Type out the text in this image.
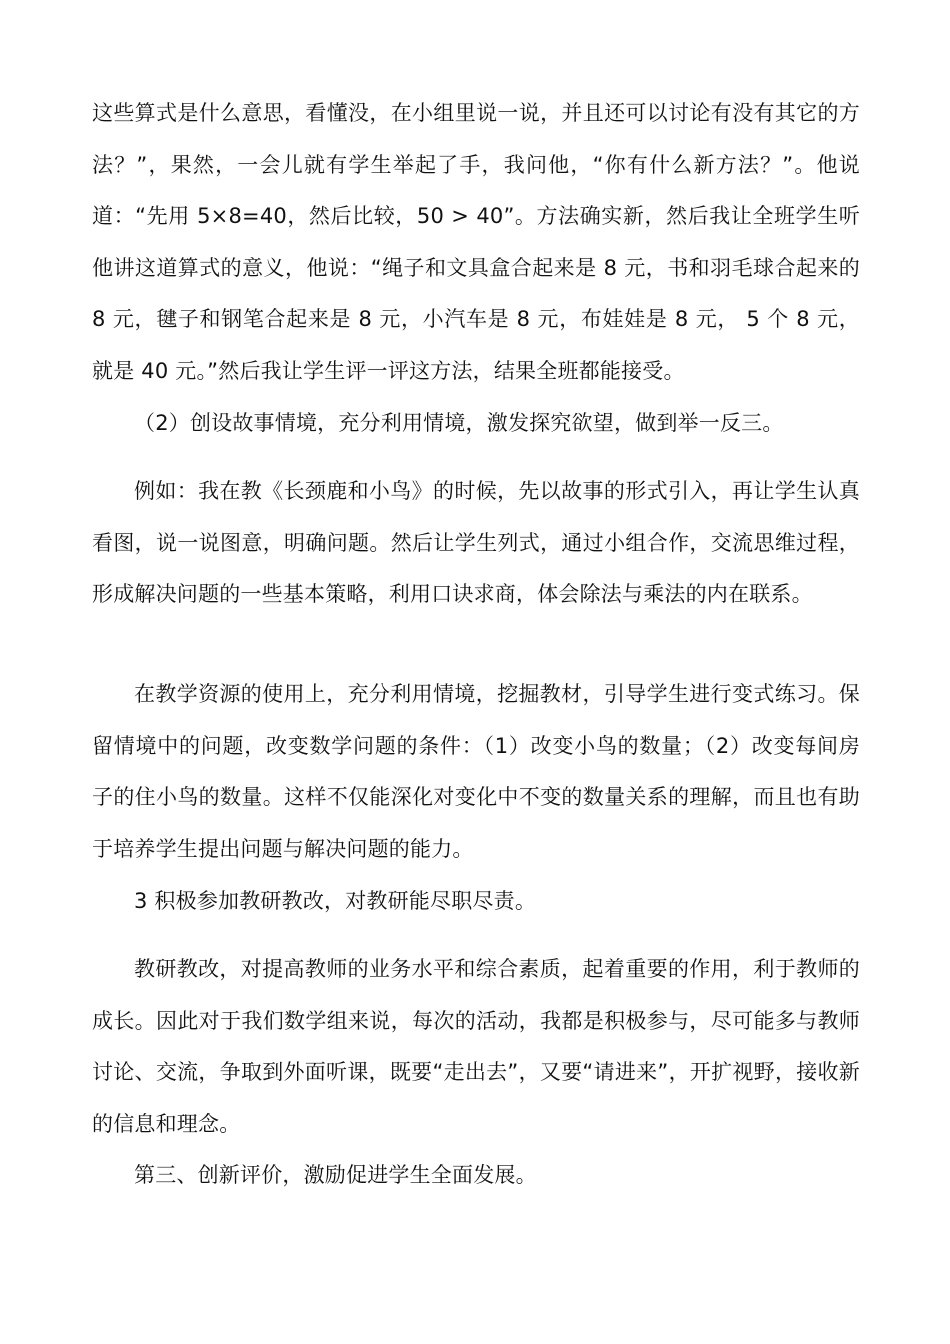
这些算式是什么意思，看懂没，在小组里说一说，并且还可以讨论有没有其它的方法？”，果然，一会儿就有学生举起了手，我问他，“你有什么新方法？”。他说道：“先用 5×8=40，然后比较，50 > 40”。方法确实新，然后我让全班学生听他讲这道算式的意义，他说：“绳子和文具盒合起来是 8 元，书和羽毛球合起来的 8 元，毽子和钢笔合起来是 8 元，小汽车是 8 元，布娃娃是 8 元， 5 个 8 元，就是 40 元。”然后我让学生评一评这方法，结果全班都能接受。

（2）创设故事情境，充分利用情境，激发探究欲望，做到举一反三。

例如：我在教《长颈鹿和小鸟》的时候，先以故事的形式引入，再让学生认真看图，说一说图意，明确问题。然后让学生列式，通过小组合作，交流思维过程，形成解决问题的一些基本策略，利用口诀求商，体会除法与乘法的内在联系。

在教学资源的使用上，充分利用情境，挖掘教材，引导学生进行变式练习。保留情境中的问题，改变数学问题的条件：（1）改变小鸟的数量；（2）改变每间房子的住小鸟的数量。这样不仅能深化对变化中不变的数量关系的理解，而且也有助于培养学生提出问题与解决问题的能力。

3 积极参加教研教改，对教研能尽职尽责。

教研教改，对提高教师的业务水平和综合素质，起着重要的作用，利于教师的成长。因此对于我们数学组来说，每次的活动，我都是积极参与，尽可能多与教师讨论、交流，争取到外面听课，既要“走出去”，又要“请进来”，开扩视野，接收新的信息和理念。

第三、创新评价，激励促进学生全面发展。
